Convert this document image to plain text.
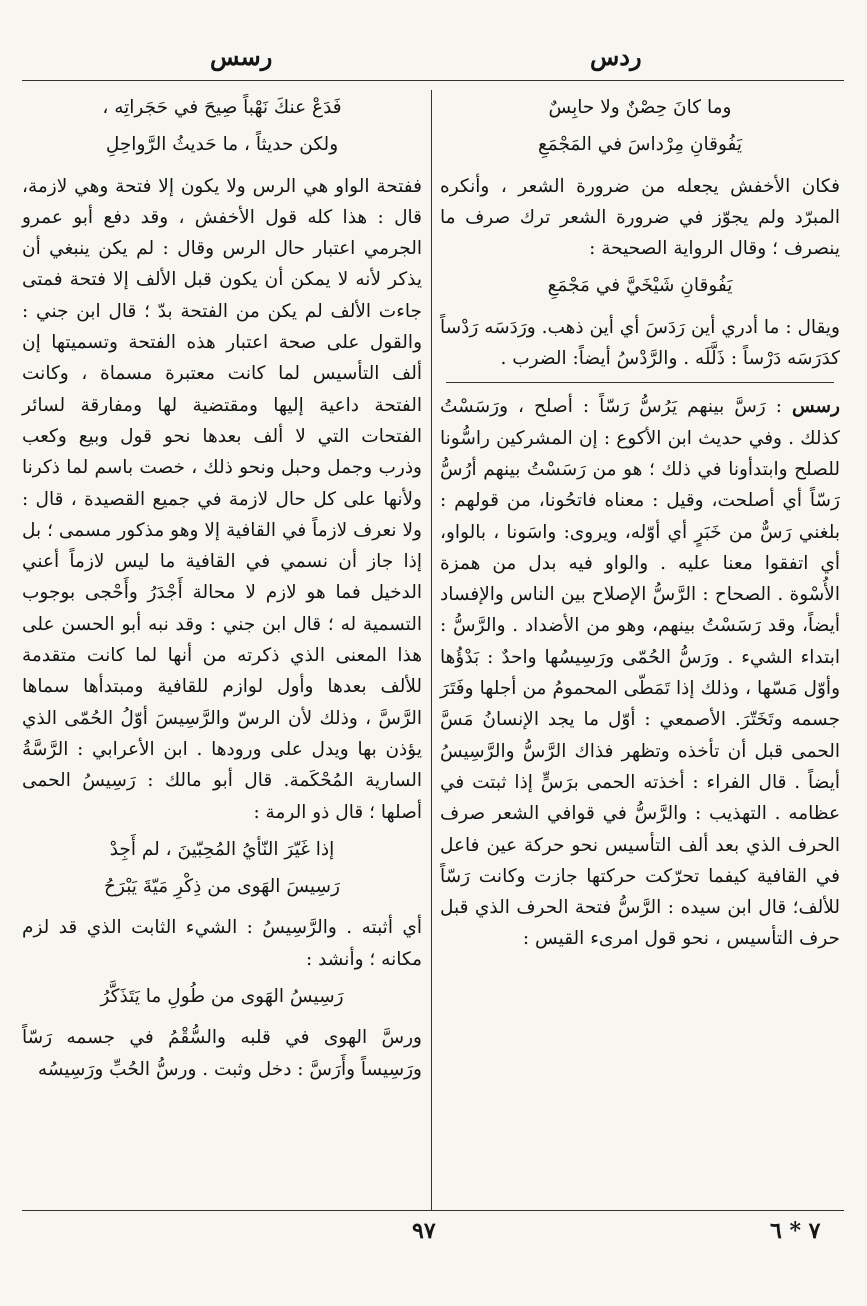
ردس
رسس

وما كانَ حِصْنٌ ولا حابِسٌ

يَفُوقانِ مِرْداسَ في المَجْمَعِ

فكان الأخفش يجعله من ضرورة الشعر ، وأنكره المبرّد ولم يجوّز في ضرورة الشعر ترك صرف ما ينصرف ؛ وقال الرواية الصحيحة :

يَفُوقانِ شَيْخَيَّ في مَجْمَعِ

ويقال : ما أدري أين رَدَسَ أي أين ذهب. ورَدَسَه رَدْساً كدَرَسَه دَرْساً : ذَلَّلَه . والرَّدْسُ أيضاً: الضرب .

رسس : رَسَّ بينهم يَرُسُّ رَسّاً : أصلح ، ورَسَسْتُ كذلك . وفي حديث ابن الأكوع : إن المشركين راسُّونا للصلح وابتدأونا في ذلك ؛ هو من رَسَسْتُ بينهم أرُسُّ رَسّاً أي أصلحت، وقيل : معناه فاتحُونا، من قولهم : بلغني رَسٌّ من خَبَرٍ أي أوّله، ويروى: واسَونا ، بالواو، أي اتفقوا معنا عليه . والواو فيه بدل من همزة الأُسْوة . الصحاح : الرَّسُّ الإصلاح بين الناس والإفساد أيضاً، وقد رَسَسْتُ بينهم، وهو من الأضداد . والرَّسُّ : ابتداء الشيء . ورَسُّ الحُمّى ورَسِيسُها واحدٌ : بَدْؤُها وأوّل مَسّها ، وذلك إذا تَمَطّى المحمومُ من أجلها وفَتَرَ جسمه وتَخَتّرَ. الأصمعي : أوّل ما يجد الإنسانُ مَسَّ الحمى قبل أن تأخذه وتظهر فذاك الرَّسُّ والرَّسِيسُ أيضاً . قال الفراء : أخذته الحمى برَسٍّ إذا ثبتت في عظامه . التهذيب : والرَّسُّ في قوافي الشعر صرف الحرف الذي بعد ألف التأسيس نحو حركة عين فاعل في القافية كيفما تحرّكت حركتها جازت وكانت رَسّاً للألف؛ قال ابن سيده : الرَّسُّ فتحة الحرف الذي قبل حرف التأسيس ، نحو قول امرىء القيس :

فَدَعْ عنكَ نَهْباً صِيحَ في حَجَراتِه ،

ولكن حديثاً ، ما حَديثُ الرَّواحِلِ

ففتحة الواو هي الرس ولا يكون إلا فتحة وهي لازمة، قال : هذا كله قول الأخفش ، وقد دفع أبو عمرو الجرمي اعتبار حال الرس وقال : لم يكن ينبغي أن يذكر لأنه لا يمكن أن يكون قبل الألف إلا فتحة فمتى جاءت الألف لم يكن من الفتحة بدّ ؛ قال ابن جني : والقول على صحة اعتبار هذه الفتحة وتسميتها إن ألف التأسيس لما كانت معتبرة مسماة ، وكانت الفتحة داعية إليها ومقتضية لها ومفارقة لسائر الفتحات التي لا ألف بعدها نحو قول وبيع وكعب وذرب وجمل وحبل ونحو ذلك ، خصت باسم لما ذكرنا ولأنها على كل حال لازمة في جميع القصيدة ، قال : ولا نعرف لازماً في القافية إلا وهو مذكور مسمى ؛ بل إذا جاز أن نسمي في القافية ما ليس لازماً أعني الدخيل فما هو لازم لا محالة أَجْدَرُ وأَحْجى بوجوب التسمية له ؛ قال ابن جني : وقد نبه أبو الحسن على هذا المعنى الذي ذكرته من أنها لما كانت متقدمة للألف بعدها وأول لوازم للقافية ومبتدأها سماها الرَّسَّ ، وذلك لأن الرسّ والرَّسِيسَ أوّلُ الحُمّى الذي يؤذن بها ويدل على ورودها . ابن الأعرابي : الرَّسَّةُ السارية المُحْكَمة. قال أبو مالك : رَسِيسُ الحمى أصلها ؛ قال ذو الرمة :

إذا غَيّرَ النّأيُ المُحِبّينَ ، لم أَجِدْ

رَسِيسَ الهَوى من ذِكْرِ مَيّةَ يَبْرَحُ

أي أثبته . والرَّسِيسُ : الشيء الثابت الذي قد لزم مكانه ؛ وأنشد :

رَسِيسُ الهَوى من طُولِ ما يَتَذَكَّرُ

ورسَّ الهوى في قلبه والسُّقْمُ في جسمه رَسّاً ورَسِيساً وأَرَسَّ : دخل وثبت . ورسُّ الحُبِّ ورَسِيسُه

٩٧	٧ * ٦
